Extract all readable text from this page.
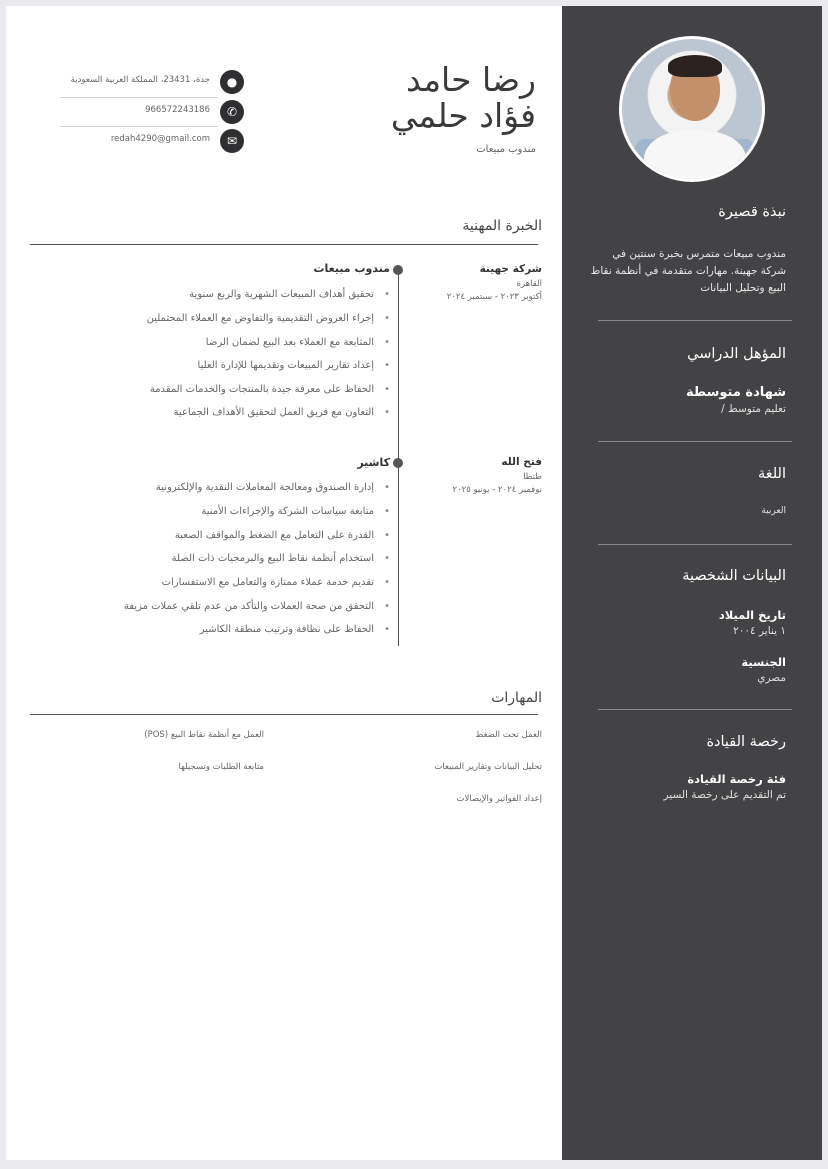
نبذة قصيرة
مندوب مبيعات متمرس بخبرة سنتين في شركة جهينة. مهارات متقدمة في أنظمة نقاط البيع وتحليل البيانات
المؤهل الدراسي
شهادة متوسطة
تعليم متوسط /
اللغة
العربية
البيانات الشخصية
تاريخ الميلاد
١ يناير ٢٠٠٤
الجنسية
مصري
رخصة القيادة
فئة رخصة القيادة
تم التقديم على رخصة السير
رضا حامد
فؤاد حلمي
مندوب مبيعات
●
جدة، 23431، المملكة العربية السعودية
✆
966572243186
✉
redah4290@gmail.com
الخبرة المهنية
شركة جهينة
القاهرة
أكتوبر ٢٠٢٣ - سبتمبر ٢٠٢٤
مندوب مبيعات
• تحقيق أهداف المبيعات الشهرية والربع سنوية
• إجراء العروض التقديمية والتفاوض مع العملاء المحتملين
• المتابعة مع العملاء بعد البيع لضمان الرضا
• إعداد تقارير المبيعات وتقديمها للإدارة العليا
• الحفاظ على معرفة جيدة بالمنتجات والخدمات المقدمة
• التعاون مع فريق العمل لتحقيق الأهداف الجماعية
فتح الله
طنطا
نوفمبر ٢٠٢٤ - يونيو ٢٠٢٥
كاشير
• إدارة الصندوق ومعالجة المعاملات النقدية والإلكترونية
• متابعة سياسات الشركة والإجراءات الأمنية
• القدرة على التعامل مع الضغط والمواقف الصعبة
• استخدام أنظمة نقاط البيع والبرمجيات ذات الصلة
• تقديم خدمة عملاء ممتازة والتعامل مع الاستفسارات
• التحقق من صحة العملات والتأكد من عدم تلقي عملات مزيفة
• الحفاظ على نظافة وترتيب منطقة الكاشير
المهارات
العمل تحت الضغط
العمل مع أنظمة نقاط البيع (POS)
تحليل البيانات وتقارير المبيعات
متابعة الطلبات وتسجيلها
إعداد الفواتير والإيصالات
